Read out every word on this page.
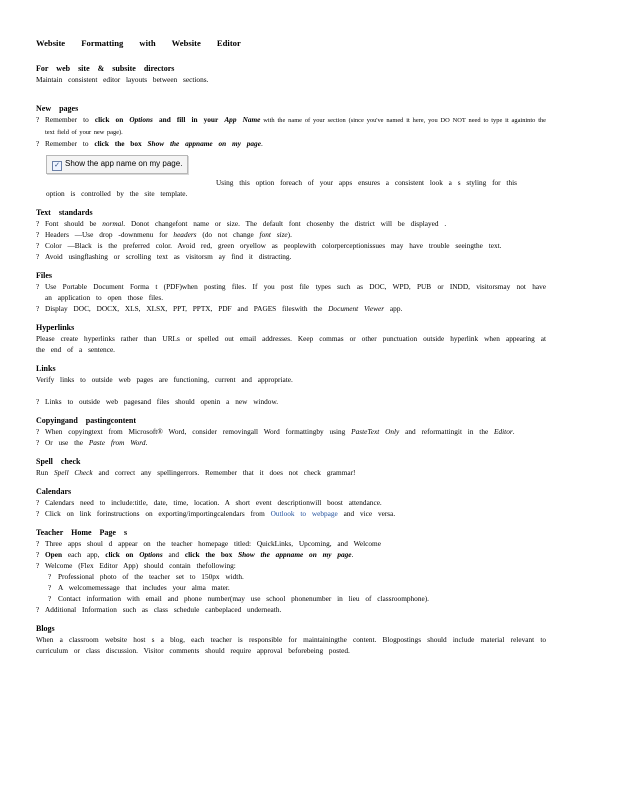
Website Formatting with Website Editor
For web site & subsite directors
Maintain consistent editor layouts between sections.
New pages
? Remember to click on Options and fill in your App Name with the name of your section (since you've named it here, you DO NOT need to type it againinto the text field of your new page).
? Remember to click the box Show the appname on my page.
✓ Show the app name on my page.
Using this option foreach of your apps ensures a consistent look a s styling for this
option is controlled by the site template.
Text standards
? Font should be normal. Donot changefont name or size. The default font chosenby the district will be displayed .
? Headers —Use drop -downmenu for headers (do not change font size).
? Color —Black is the preferred color. Avoid red, green oryellow as peoplewith colorperceptionissues may have trouble seeingthe text.
? Avoid usingflashing or scrolling text as visitorsm ay find it distracting.
Files
? Use Portable Document Forma t (PDF)when posting files. If you post file types such as DOC, WPD, PUB or INDD, visitorsmay not have an application to open those files.
? Display DOC, DOCX, XLS, XLSX, PPT, PPTX, PDF and PAGES fileswith the Document Viewer app.
Hyperlinks
Please create hyperlinks rather than URLs or spelled out email addresses. Keep commas or other punctuation outside hyperlink when appearing at the end of a sentence.
Links
Verify links to outside web pages are functioning, current and appropriate.
? Links to outside web pagesand files should openin a new window.
Copyingand pastingcontent
? When copyingtext from Microsoft® Word, consider removingall Word formattingby using PasteText Only and reformattingit in the Editor.
? Or use the Paste from Word.
Spell check
Run Spell Check and correct any spellingerrors. Remember that it does not check grammar!
Calendars
? Calendars need to include:title, date, time, location. A short event descriptionwill boost attendance.
? Click on link forinstructions on exporting/importingcalendars from Outlook to webpage and vice versa.
Teacher Home Page s
? Three apps shoul d appear on the teacher homepage titled: QuickLinks, Upcoming, and Welcome
? Open each app, click on Options and click the box Show the appname on my page.
? Welcome (Flex Editor App) should contain thefollowing:
? Professional photo of the teacher set to 150px width.
? A welcomemessage that includes your alma mater.
? Contact information with email and phone number(may use school phonenumber in lieu of classroomphone).
? Additional Information such as class schedule canbeplaced underneath.
Blogs
When a classroom website host s a blog, each teacher is responsible for maintainingthe content. Blogpostings should include material relevant to curriculum or class discussion. Visitor comments should require approval beforebeing posted.
